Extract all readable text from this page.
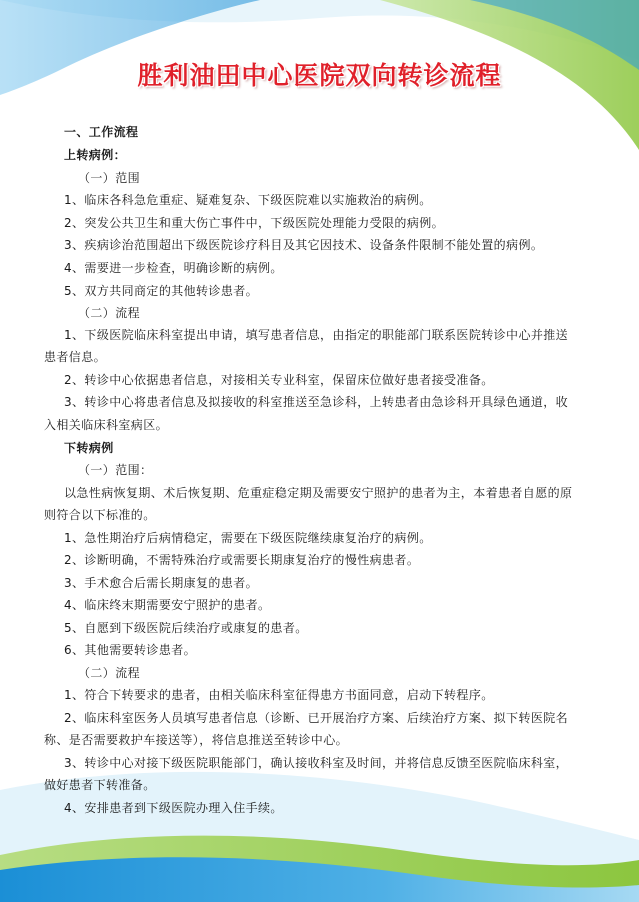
胜利油田中心医院双向转诊流程
一、工作流程
上转病例：
（一）范围
1、临床各科急危重症、疑难复杂、下级医院难以实施救治的病例。
2、突发公共卫生和重大伤亡事件中，下级医院处理能力受限的病例。
3、疾病诊治范围超出下级医院诊疗科目及其它因技术、设备条件限制不能处置的病例。
4、需要进一步检查，明确诊断的病例。
5、双方共同商定的其他转诊患者。
（二）流程
1、下级医院临床科室提出申请，填写患者信息，由指定的职能部门联系医院转诊中心并推送
患者信息。
2、转诊中心依据患者信息，对接相关专业科室，保留床位做好患者接受准备。
3、转诊中心将患者信息及拟接收的科室推送至急诊科，上转患者由急诊科开具绿色通道，收
入相关临床科室病区。
下转病例
（一）范围：
以急性病恢复期、术后恢复期、危重症稳定期及需要安宁照护的患者为主，本着患者自愿的原
则符合以下标准的。
1、急性期治疗后病情稳定，需要在下级医院继续康复治疗的病例。
2、诊断明确，不需特殊治疗或需要长期康复治疗的慢性病患者。
3、手术愈合后需长期康复的患者。
4、临床终末期需要安宁照护的患者。
5、自愿到下级医院后续治疗或康复的患者。
6、其他需要转诊患者。
（二）流程
1、符合下转要求的患者，由相关临床科室征得患方书面同意，启动下转程序。
2、临床科室医务人员填写患者信息（诊断、已开展治疗方案、后续治疗方案、拟下转医院名
称、是否需要救护车接送等），将信息推送至转诊中心。
3、转诊中心对接下级医院职能部门，确认接收科室及时间，并将信息反馈至医院临床科室，
做好患者下转准备。
4、安排患者到下级医院办理入住手续。
